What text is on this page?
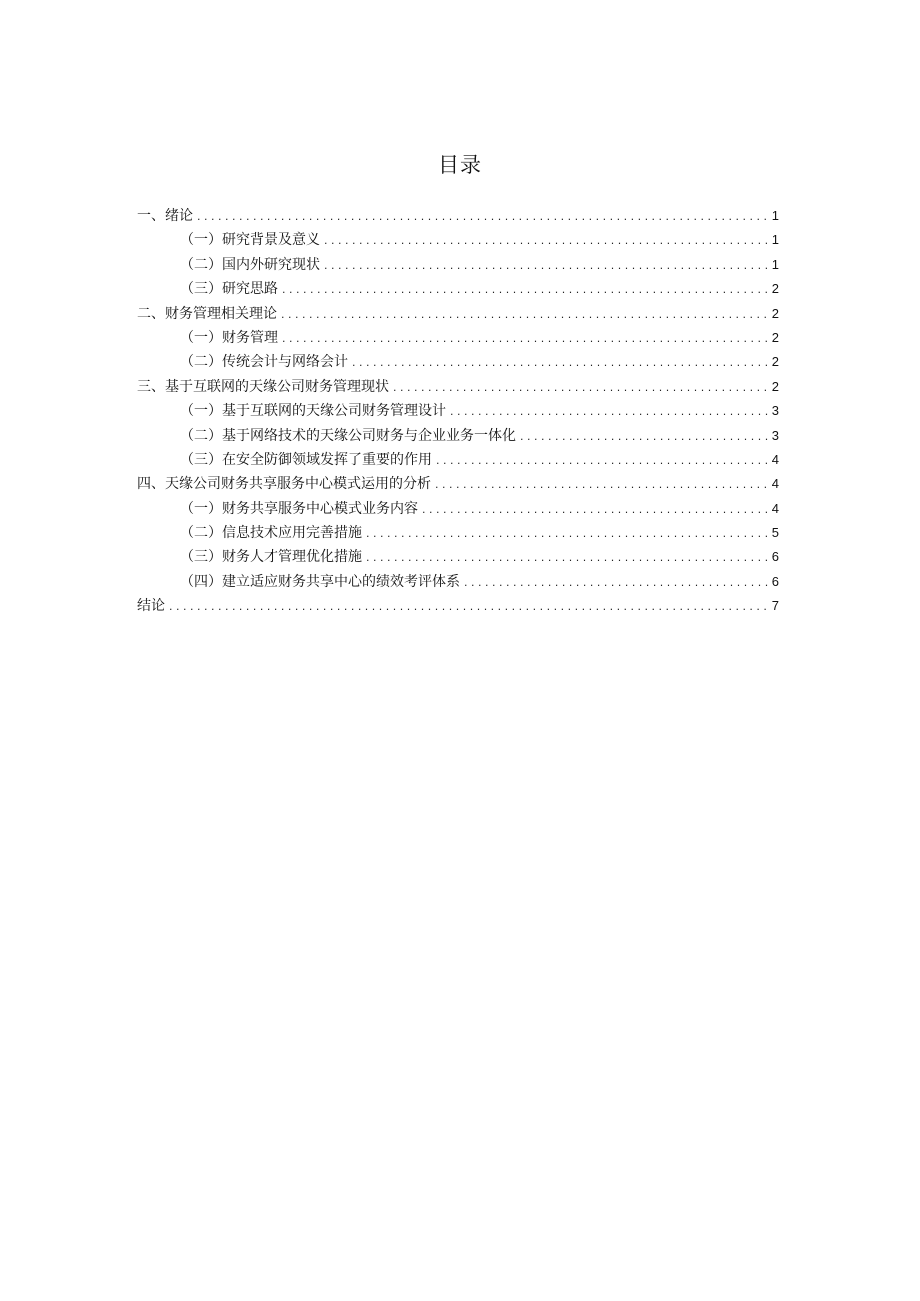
目录
一、绪论 . . .	1
（一）研究背景及意义 . . .	1
（二）国内外研究现状 . . .	1
（三）研究思路 . . .	2
二、财务管理相关理论 . . .	2
（一）财务管理 . . .	2
（二）传统会计与网络会计 . . .	2
三、基于互联网的天缘公司财务管理现状 . . .	2
（一）基于互联网的天缘公司财务管理设计 . . .	3
（二）基于网络技术的天缘公司财务与企业业务一体化 . . .	3
（三）在安全防御领域发挥了重要的作用 . . .	4
四、天缘公司财务共享服务中心模式运用的分析 . . .	4
（一）财务共享服务中心模式业务内容 . . .	4
（二）信息技术应用完善措施 . . .	5
（三）财务人才管理优化措施 . . .	6
（四）建立适应财务共享中心的绩效考评体系 . . .	6
结论 . . .	7
